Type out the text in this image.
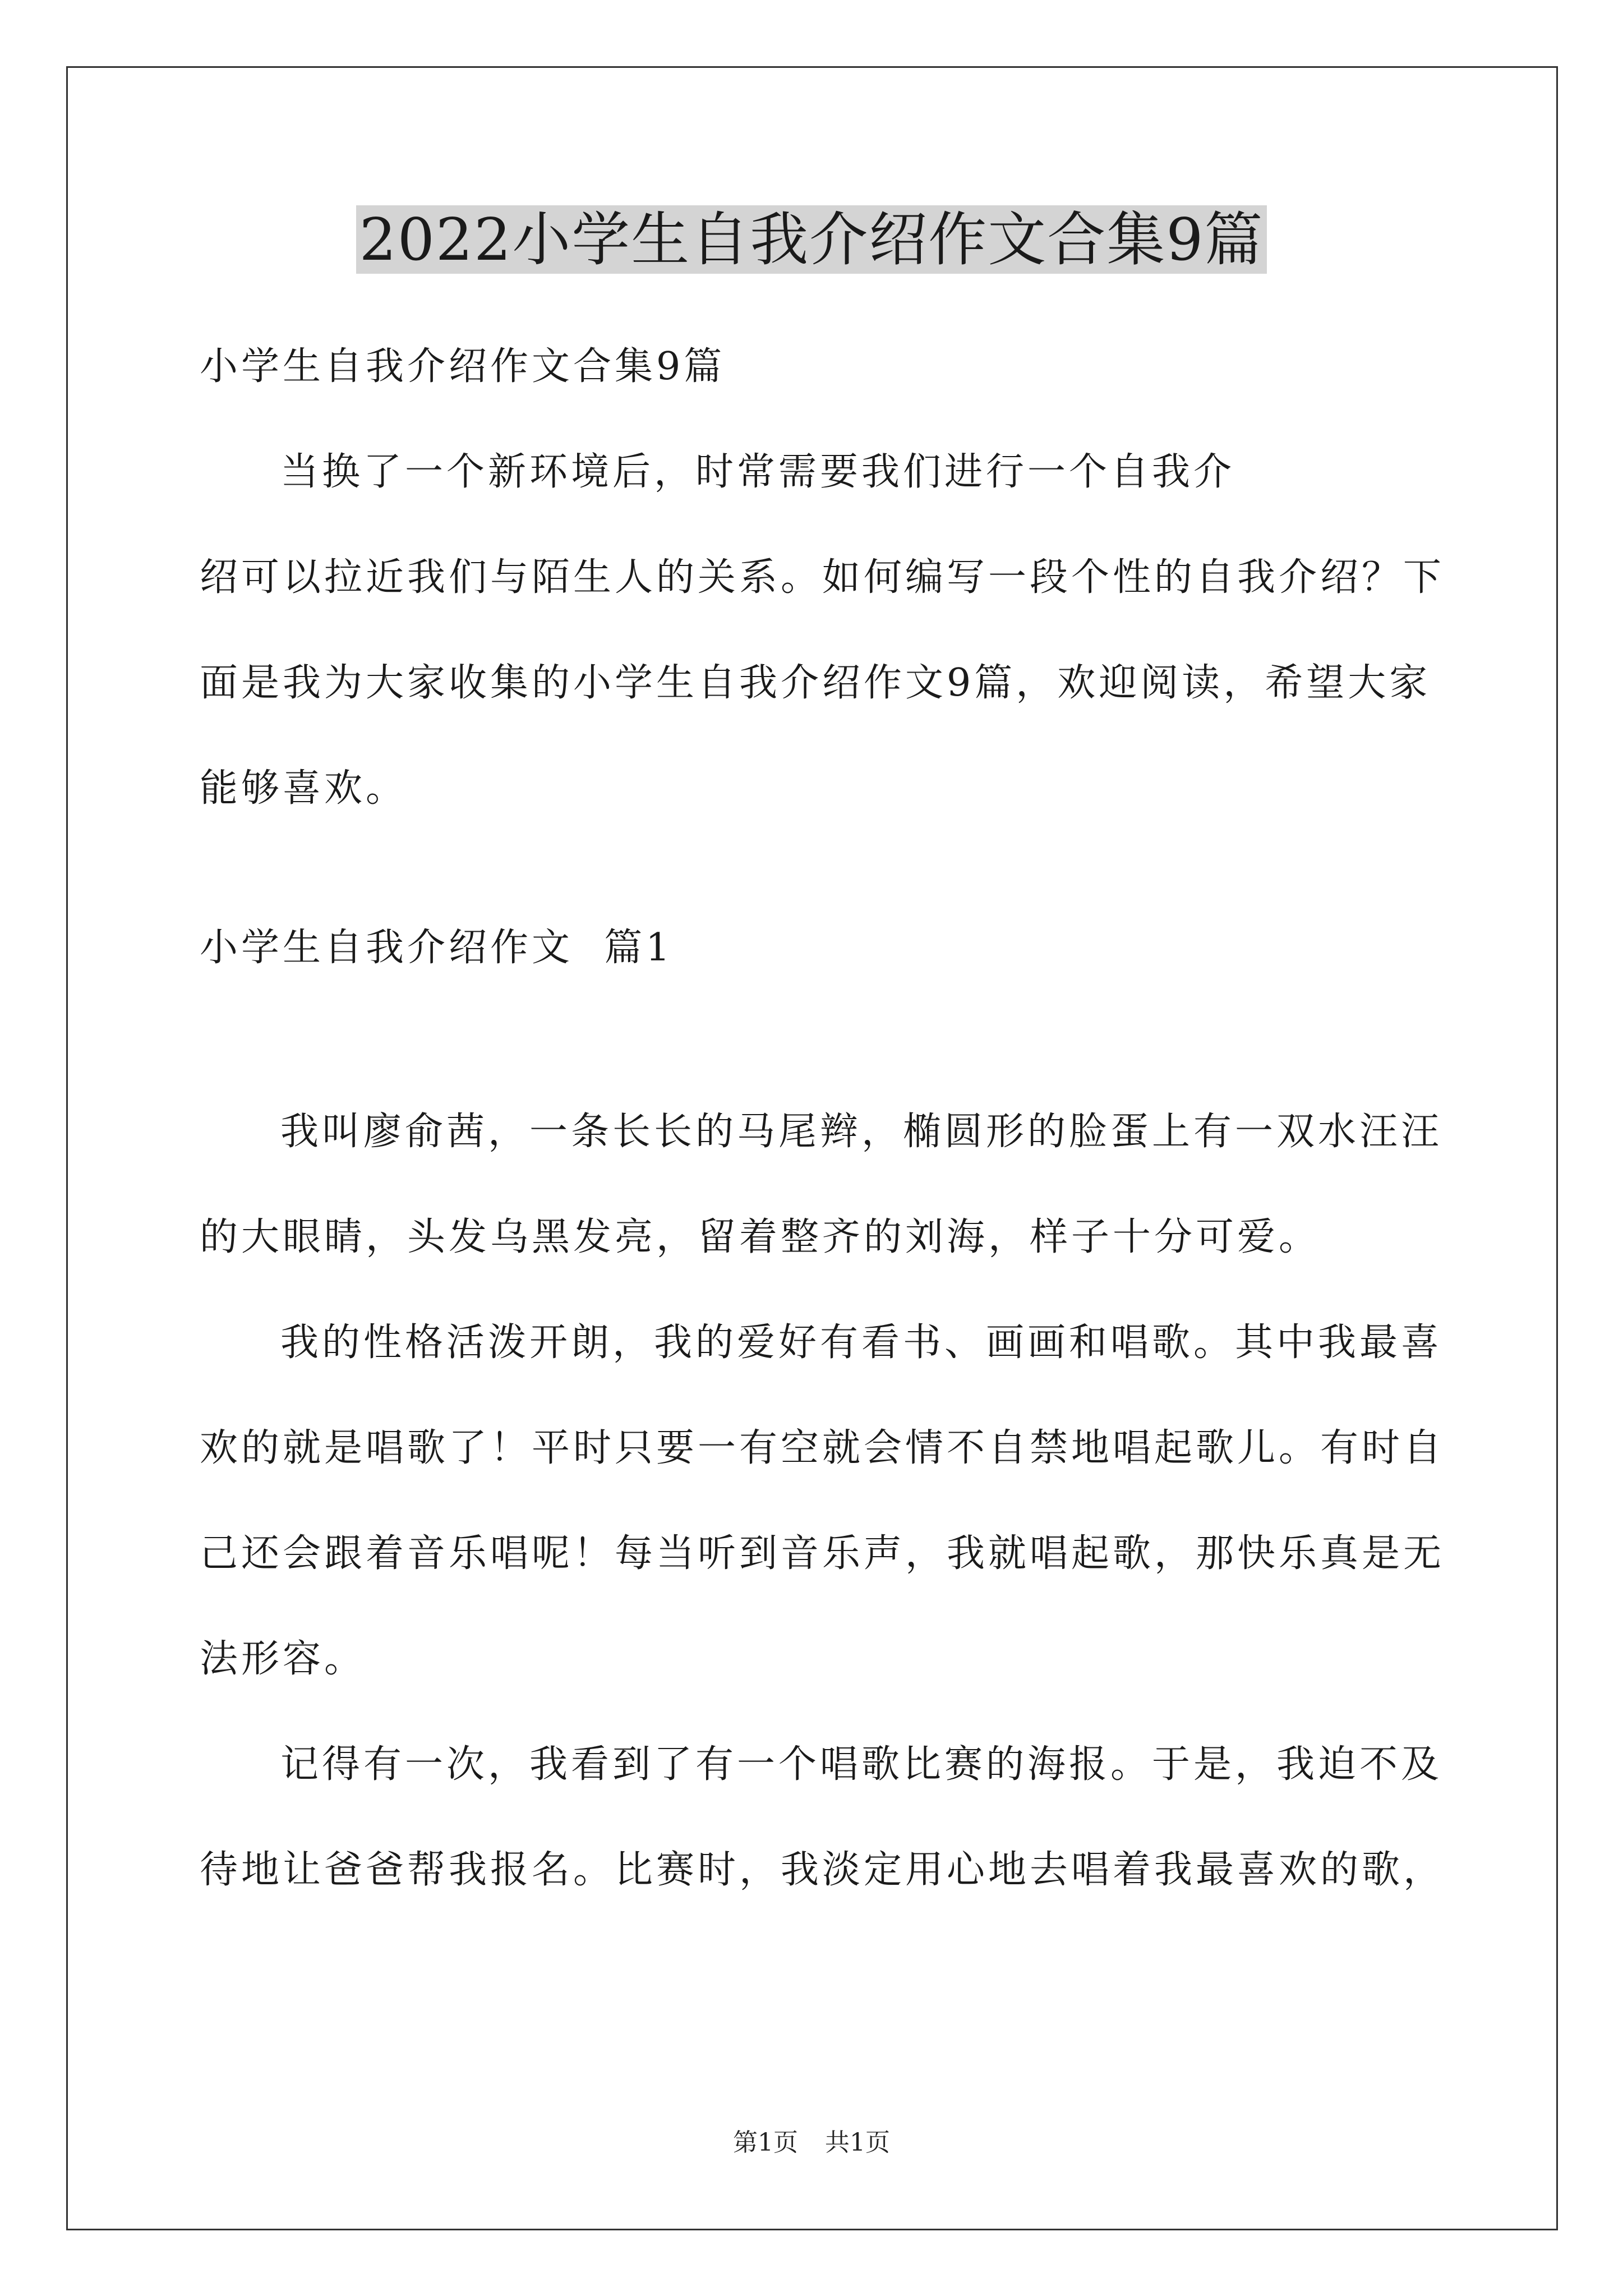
2022小学生自我介绍作文合集9篇
小学生自我介绍作文合集9篇
当换了一个新环境后，时常需要我们进行一个自我介
绍可以拉近我们与陌生人的关系。如何编写一段个性的自我介绍？下
面是我为大家收集的小学生自我介绍作文9篇，欢迎阅读，希望大家
能够喜欢。
小学生自我介绍作文  篇1
我叫廖俞茜，一条长长的马尾辫，椭圆形的脸蛋上有一双水汪汪
的大眼睛，头发乌黑发亮，留着整齐的刘海，样子十分可爱。
我的性格活泼开朗，我的爱好有看书、画画和唱歌。其中我最喜
欢的就是唱歌了！平时只要一有空就会情不自禁地唱起歌儿。有时自
己还会跟着音乐唱呢！每当听到音乐声，我就唱起歌，那快乐真是无
法形容。
记得有一次，我看到了有一个唱歌比赛的海报。于是，我迫不及
待地让爸爸帮我报名。比赛时，我淡定用心地去唱着我最喜欢的歌，
第1页 共1页
